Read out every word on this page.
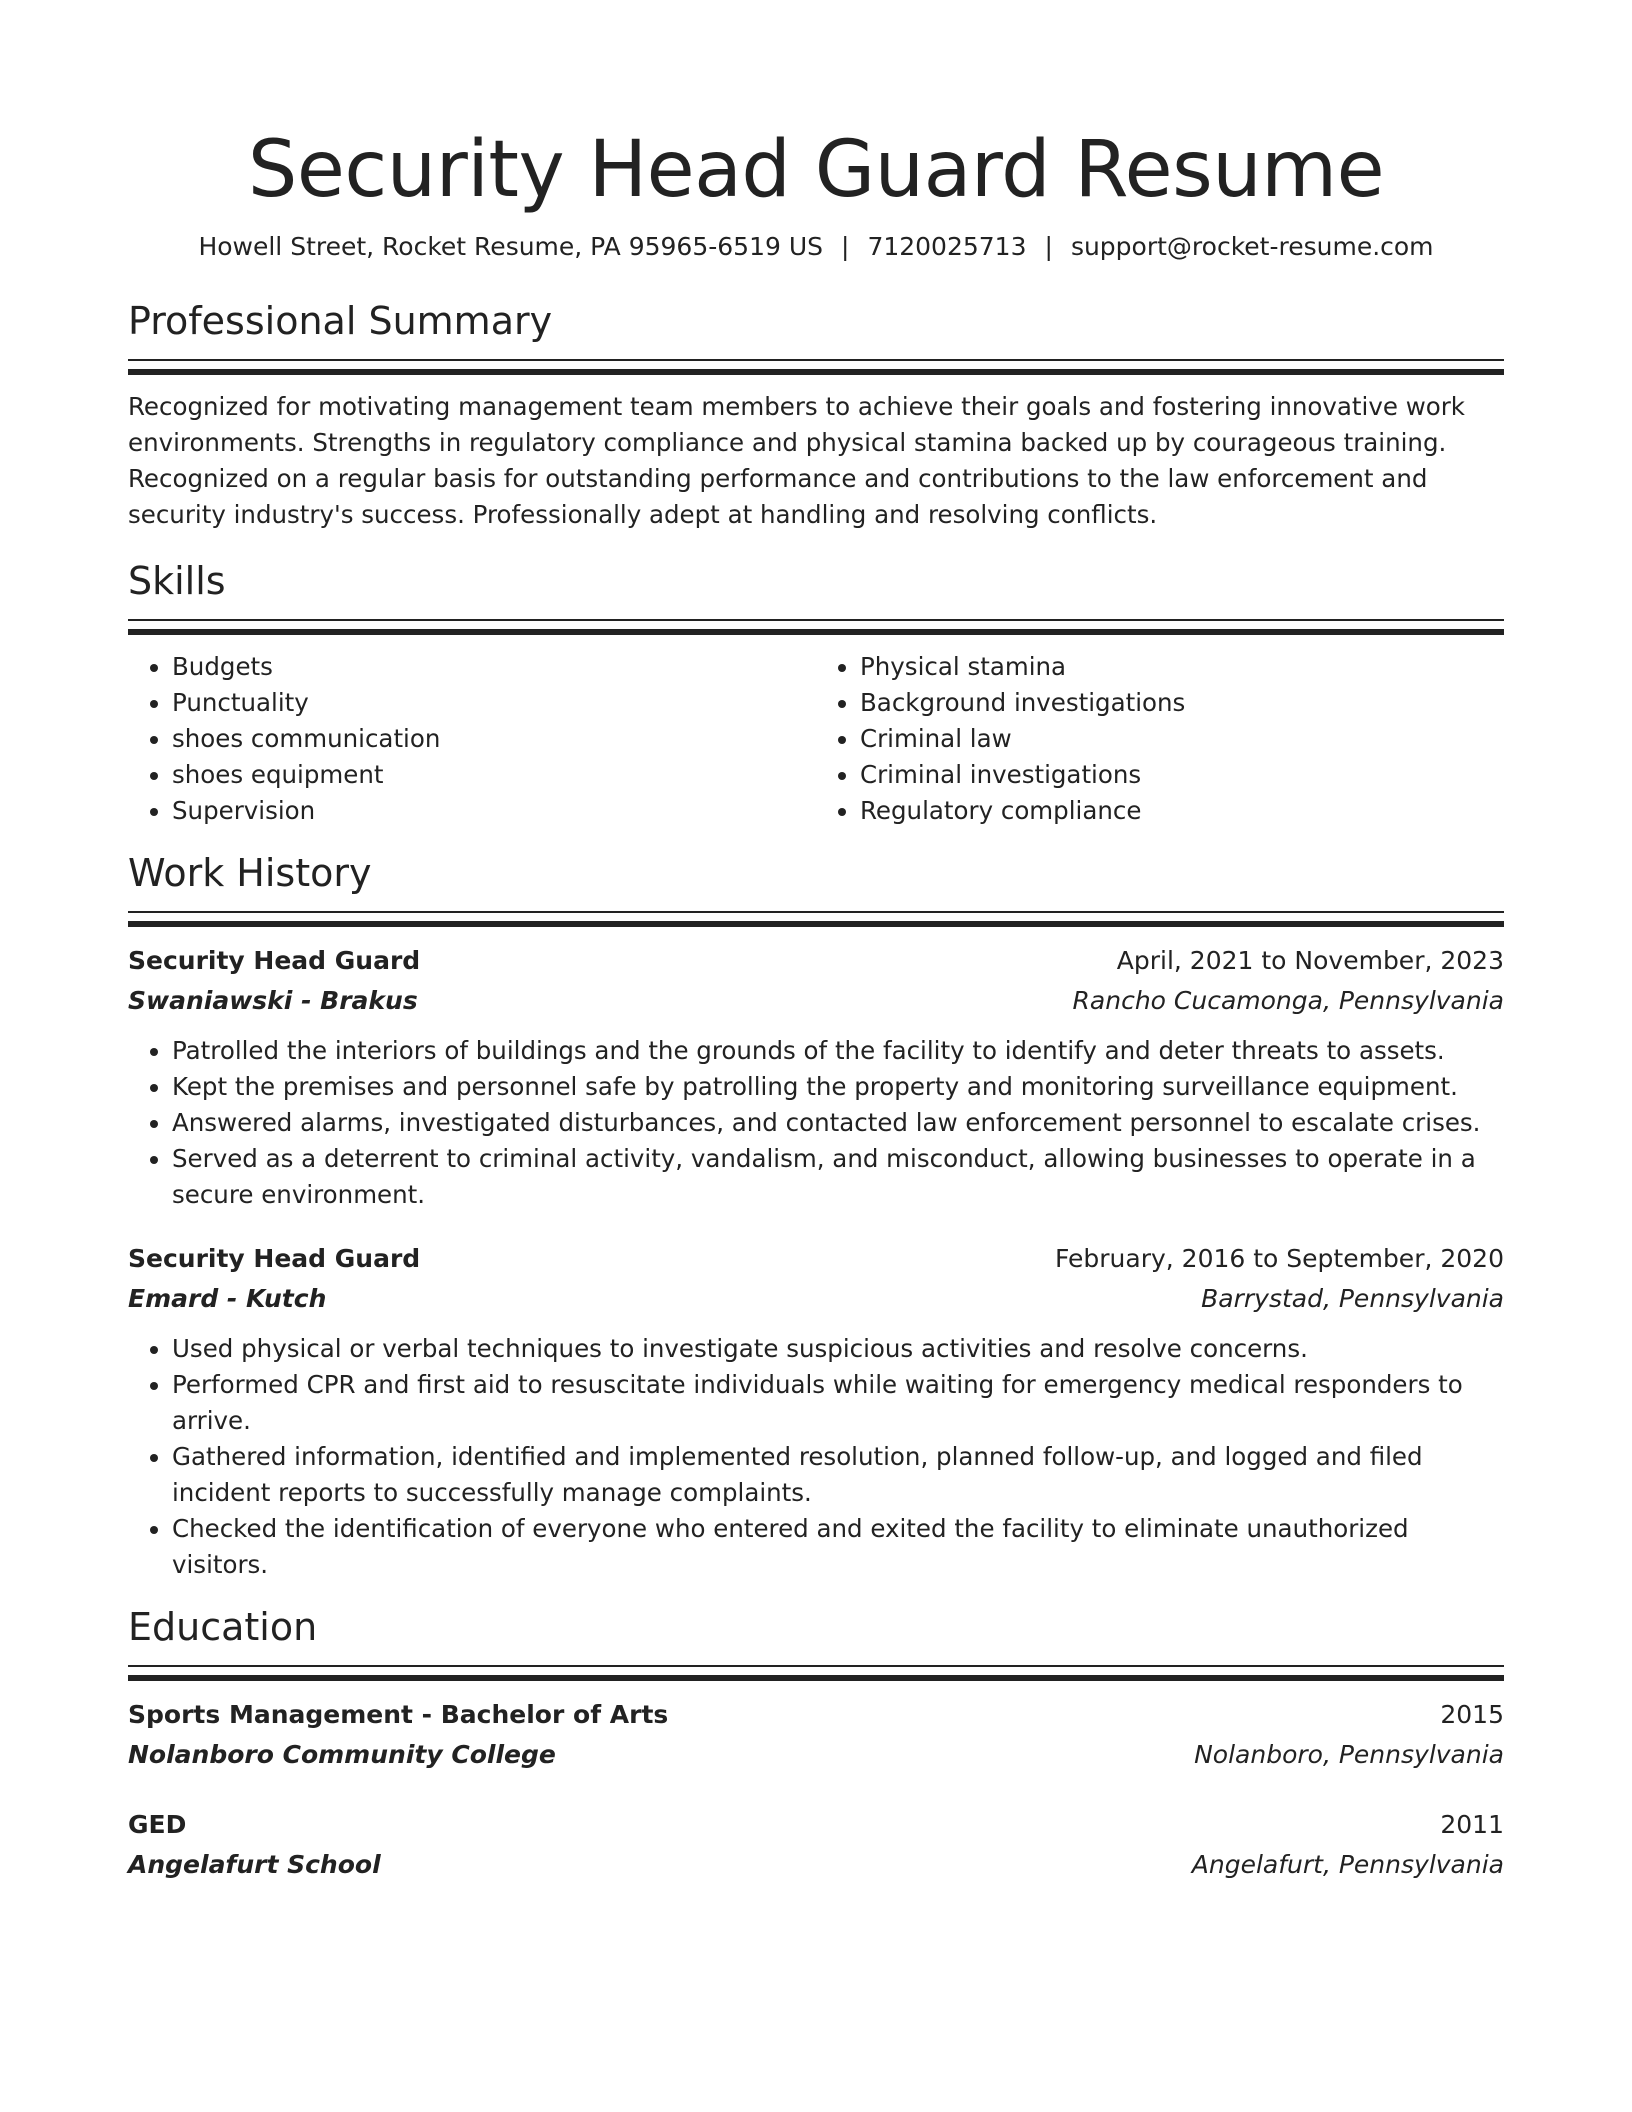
Security Head Guard Resume
Howell Street, Rocket Resume, PA 95965-6519 US | 7120025713 | support@rocket-resume.com
Professional Summary

Recognized for motivating management team members to achieve their goals and fostering innovative work environments. Strengths in regulatory compliance and physical stamina backed up by courageous training. Recognized on a regular basis for outstanding performance and contributions to the law enforcement and security industry's success. Professionally adept at handling and resolving conflicts.

Skills
• Budgets
• Punctuality
• shoes communication
• shoes equipment
• Supervision
• Physical stamina
• Background investigations
• Criminal law
• Criminal investigations
• Regulatory compliance
Work History
Security Head Guard	April, 2021 to November, 2023
Swaniawski - Brakus	Rancho Cucamonga, Pennsylvania
• Patrolled the interiors of buildings and the grounds of the facility to identify and deter threats to assets.
• Kept the premises and personnel safe by patrolling the property and monitoring surveillance equipment.
• Answered alarms, investigated disturbances, and contacted law enforcement personnel to escalate crises.
• Served as a deterrent to criminal activity, vandalism, and misconduct, allowing businesses to operate in a secure environment.
Security Head Guard	February, 2016 to September, 2020
Emard - Kutch	Barrystad, Pennsylvania
• Used physical or verbal techniques to investigate suspicious activities and resolve concerns.
• Performed CPR and first aid to resuscitate individuals while waiting for emergency medical responders to arrive.
• Gathered information, identified and implemented resolution, planned follow-up, and logged and filed incident reports to successfully manage complaints.
• Checked the identification of everyone who entered and exited the facility to eliminate unauthorized visitors.
Education
Sports Management - Bachelor of Arts	2015
Nolanboro Community College	Nolanboro, Pennsylvania
GED	2011
Angelafurt School	Angelafurt, Pennsylvania
